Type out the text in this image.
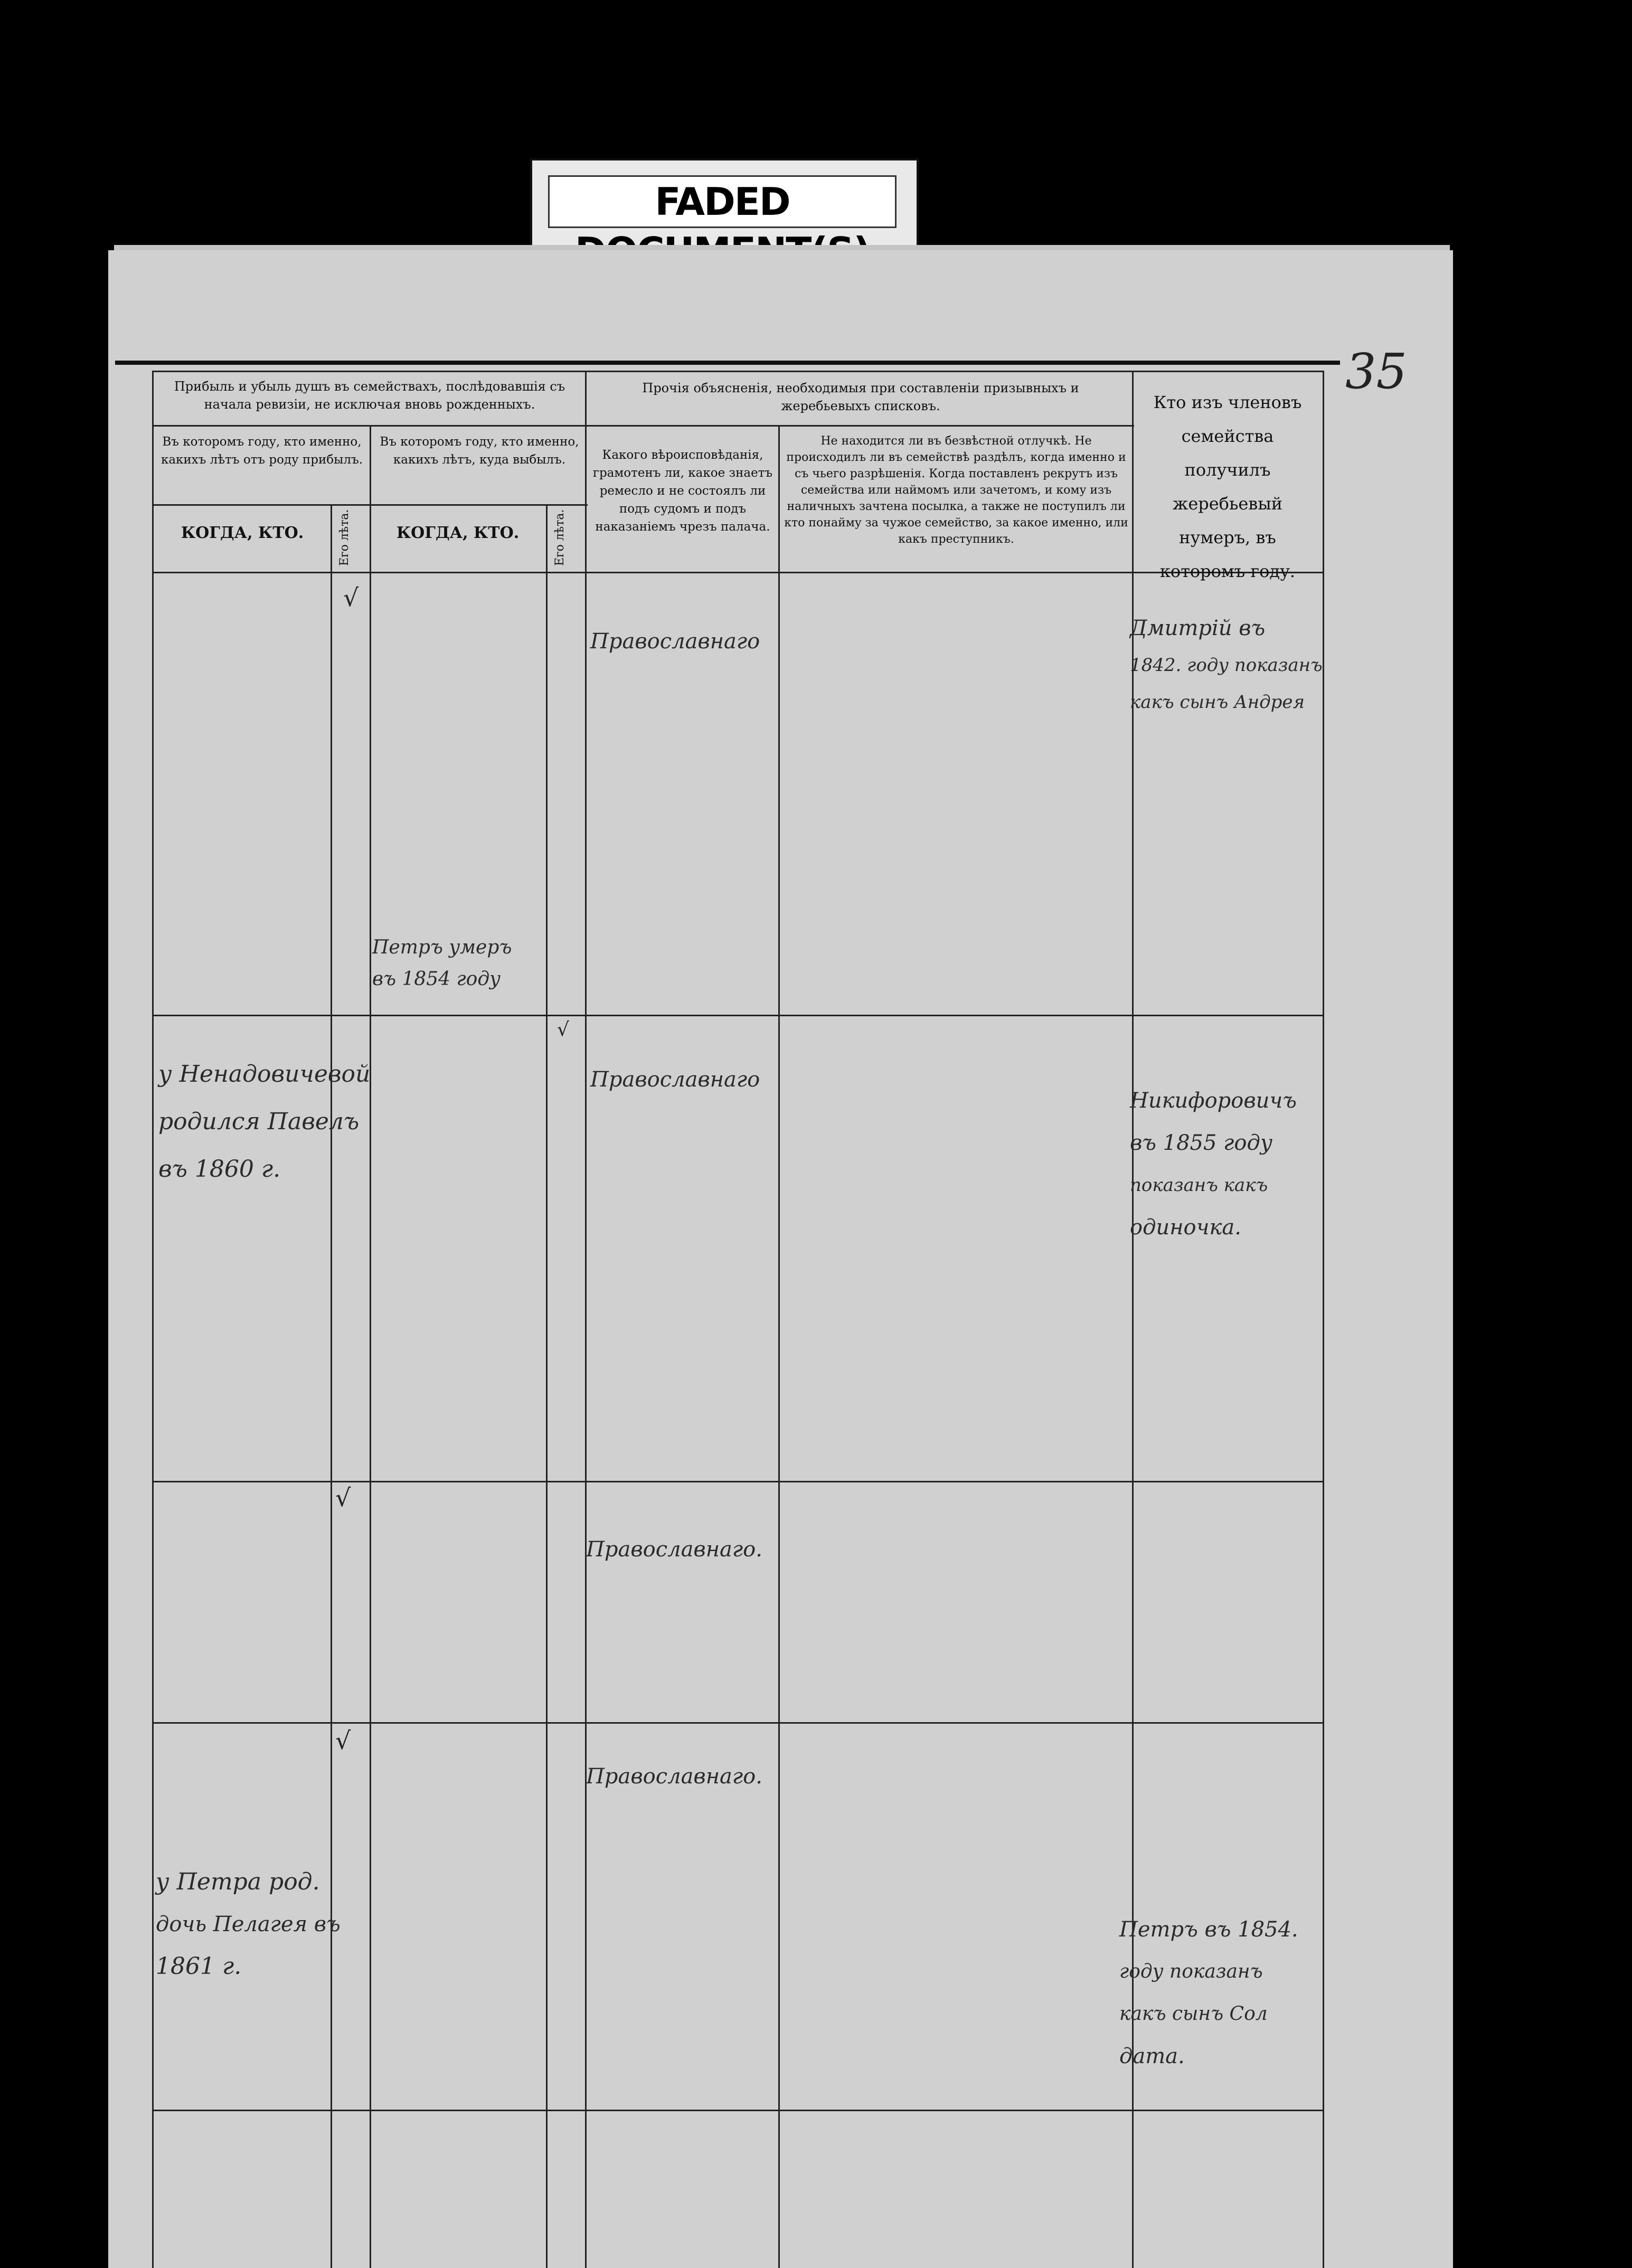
FADED
35
Прибыль и убыль душъ въ семействахъ, послѣдовавшія съ начала ревизіи, не исключая вновь рожденныхъ.
Въ которомъ году, кто именно, какихъ лѣтъ отъ роду прибылъ.
Въ которомъ году, кто именно, какихъ лѣтъ, куда выбылъ.
КОГДА, КТО.	КОГДА, КТО.
Его лѣта.	Его лѣта.
Прочія объясненія, необходимыя при составленіи призывныхъ и жеребьевыхъ списковъ.
Какого вѣроисповѣданія, грамотенъ ли, какое знаетъ ремесло и не состоялъ ли подъ судомъ и подъ наказаніемъ чрезъ палача.
Не находится ли въ безвѣстной отлучкѣ. Не происходилъ ли въ семействѣ раздѣлъ, когда именно и съ чьего разрѣшенія. Когда поставленъ рекрутъ изъ семейства или наймомъ или зачетомъ, и кому изъ наличныхъ зачтена посылка, а также не поступилъ ли кто понайму за чужое семейство, за какое именно, или какъ преступникъ.
Кто изъ членовъ семейства получилъ жеребьевый нумеръ, въ которомъ году.
√
Православнаго
Дмитрій въ
1842. году показанъ
какъ сынъ Андрея
Петръ умеръ
въ 1854 году
√
у Ненадовичевой
родился Павелъ
въ 1860 г.
Православнаго
Никифоровичъ
въ 1855 году
показанъ какъ
одиночка.
√
Православнаго.
√
Православнаго.
у Петра род.
дочь Пелагея въ
1861 г.
Петръ въ 1854.
году показанъ
какъ сынъ Сол
дата.
